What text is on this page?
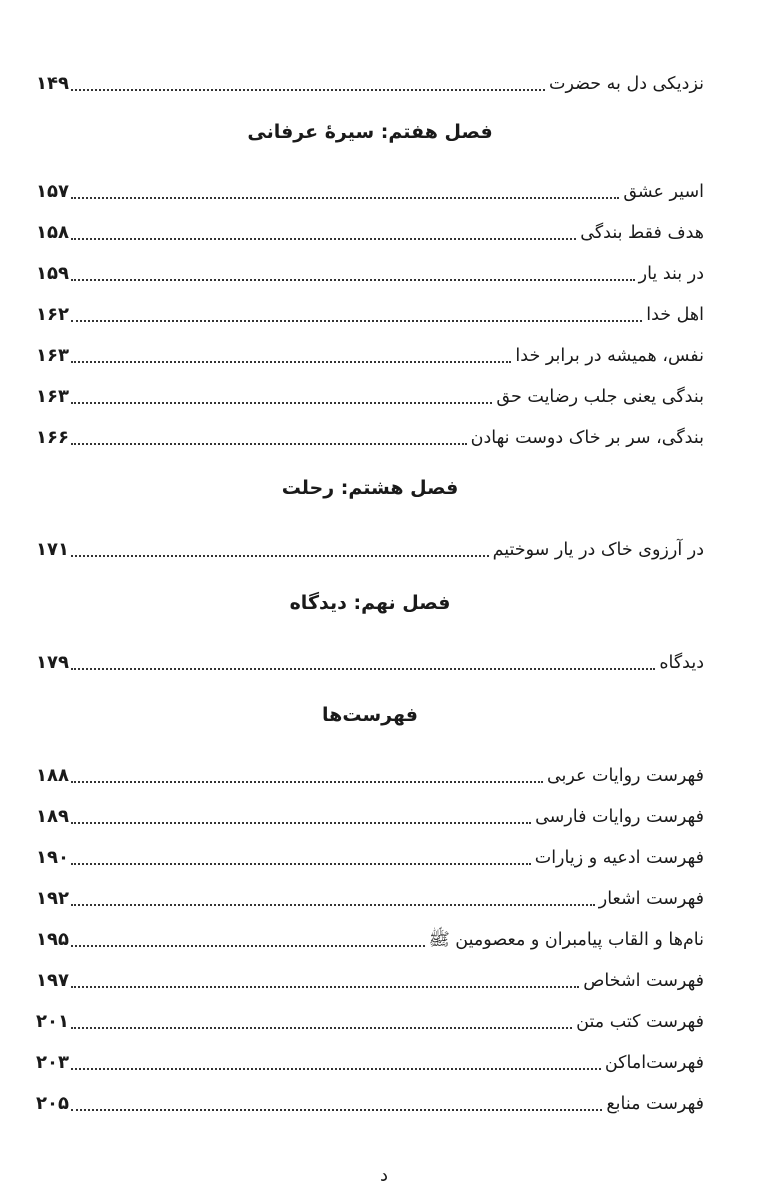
نزدیکی دل به حضرت
۱۴۹
فصل هفتم: سیرهٔ عرفانی
اسیر عشق
۱۵۷
هدف فقط بندگی
۱۵۸
در بند یار
۱۵۹
اهل خدا
۱۶۲
نفس، همیشه در برابر خدا
۱۶۳
بندگی یعنی جلب رضایت حق
۱۶۳
بندگی، سر بر خاک دوست نهادن
۱۶۶
فصل هشتم: رحلت
در آرزوی خاک در یار سوختیم
۱۷۱
فصل نهم: دیدگاه
دیدگاه
۱۷۹
فهرست‌ها
فهرست روایات عربی
۱۸۸
فهرست روایات فارسی
۱۸۹
فهرست ادعیه و زیارات
۱۹۰
فهرست اشعار
۱۹۲
نام‌ها و القاب پیامبران و معصومین ﷺ
۱۹۵
فهرست اشخاص
۱۹۷
فهرست کتب متن
۲۰۱
فهرست‌اماکن
۲۰۳
فهرست منابع
۲۰۵
د
